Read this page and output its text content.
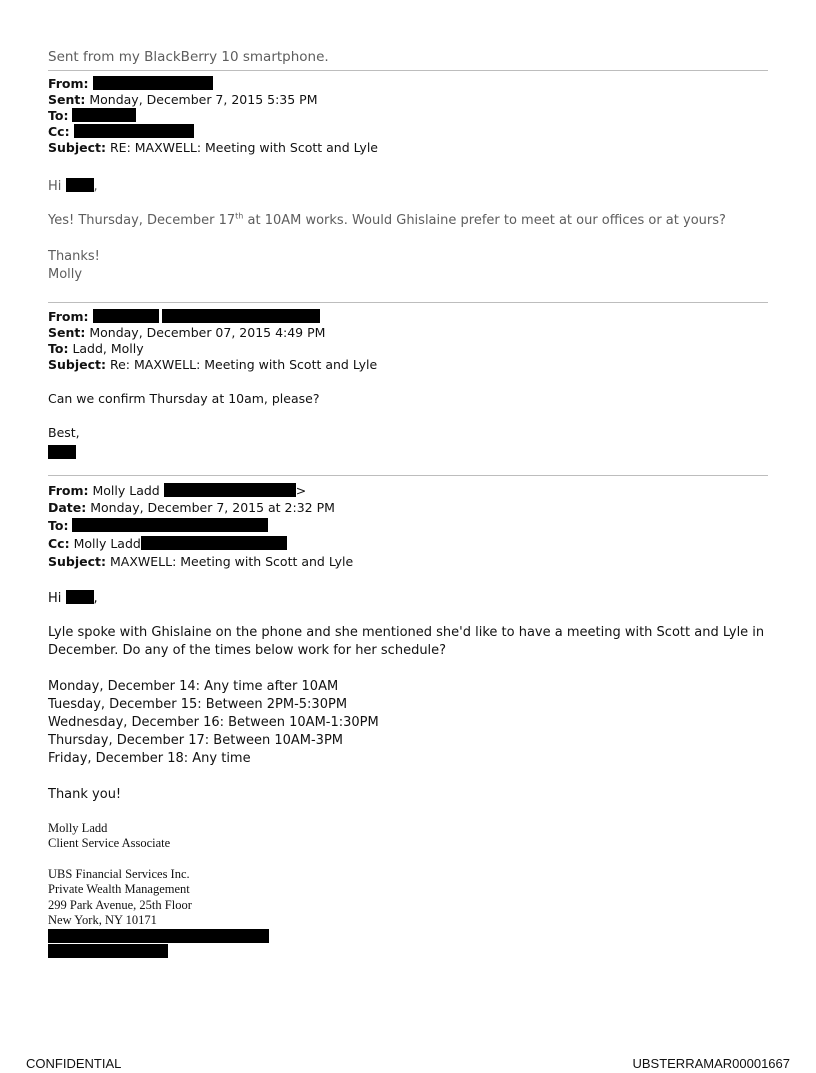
Sent from my BlackBerry 10 smartphone.
From:
Sent: Monday, December 7, 2015 5:35 PM
To:
Cc:
Subject: RE: MAXWELL: Meeting with Scott and Lyle
Hi ,
Yes! Thursday, December 17th at 10AM works. Would Ghislaine prefer to meet at our offices or at yours?
Thanks!
Molly
From:
Sent: Monday, December 07, 2015 4:49 PM
To: Ladd, Molly
Subject: Re: MAXWELL: Meeting with Scott and Lyle
Can we confirm Thursday at 10am, please?
Best,
From: Molly Ladd	>
Date: Monday, December 7, 2015 at 2:32 PM
To:
Cc: Molly Ladd
Subject: MAXWELL: Meeting with Scott and Lyle
Hi ,
Lyle spoke with Ghislaine on the phone and she mentioned she'd like to have a meeting with Scott and Lyle in
December. Do any of the times below work for her schedule?
Monday, December 14: Any time after 10AM
Tuesday, December 15: Between 2PM-5:30PM
Wednesday, December 16: Between 10AM-1:30PM
Thursday, December 17: Between 10AM-3PM
Friday, December 18: Any time
Thank you!
Molly Ladd
Client Service Associate
UBS Financial Services Inc.
Private Wealth Management
299 Park Avenue, 25th Floor
New York, NY 10171
CONFIDENTIAL	UBSTERRAMAR00001667
